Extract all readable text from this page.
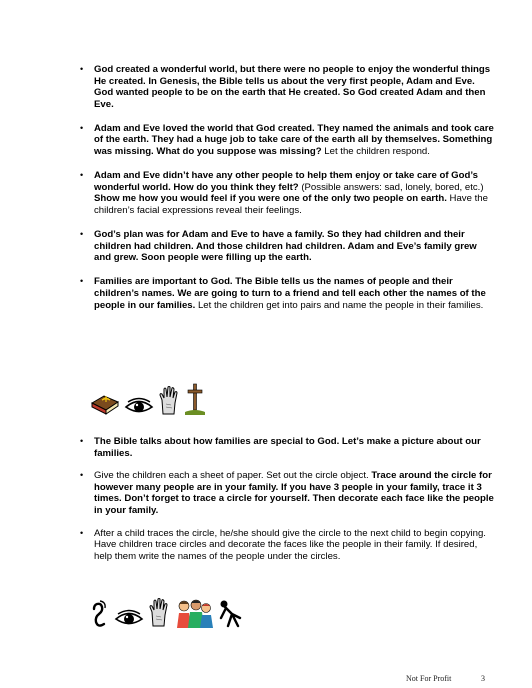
• God created a wonderful world, but there were no people to enjoy the wonderful things He created. In Genesis, the Bible tells us about the very first people, Adam and Eve. God wanted people to be on the earth that He created. So God created Adam and then Eve.
• Adam and Eve loved the world that God created. They named the animals and took care of the earth. They had a huge job to take care of the earth all by themselves. Something was missing. What do you suppose was missing? Let the children respond.
• Adam and Eve didn’t have any other people to help them enjoy or take care of God’s wonderful world. How do you think they felt? (Possible answers: sad, lonely, bored, etc.) Show me how you would feel if you were one of the only two people on earth. Have the children’s facial expressions reveal their feelings.
• God’s plan was for Adam and Eve to have a family. So they had children and their children had children. And those children had children. Adam and Eve’s family grew and grew. Soon people were filling up the earth.
• Families are important to God. The Bible tells us the names of people and their children’s names. We are going to turn to a friend and tell each other the names of the people in our families. Let the children get into pairs and name the people in their families.
• The Bible talks about how families are special to God. Let’s make a picture about our families.
• Give the children each a sheet of paper. Set out the circle object. Trace around the circle for however many people are in your family. If you have 3 people in your family, trace it 3 times. Don’t forget to trace a circle for yourself. Then decorate each face like the people in your family.
• After a child traces the circle, he/she should give the circle to the next child to begin copying. Have children trace circles and decorate the faces like the people in their family. If desired, help them write the names of the people under the circles.
Not For Profit	3
